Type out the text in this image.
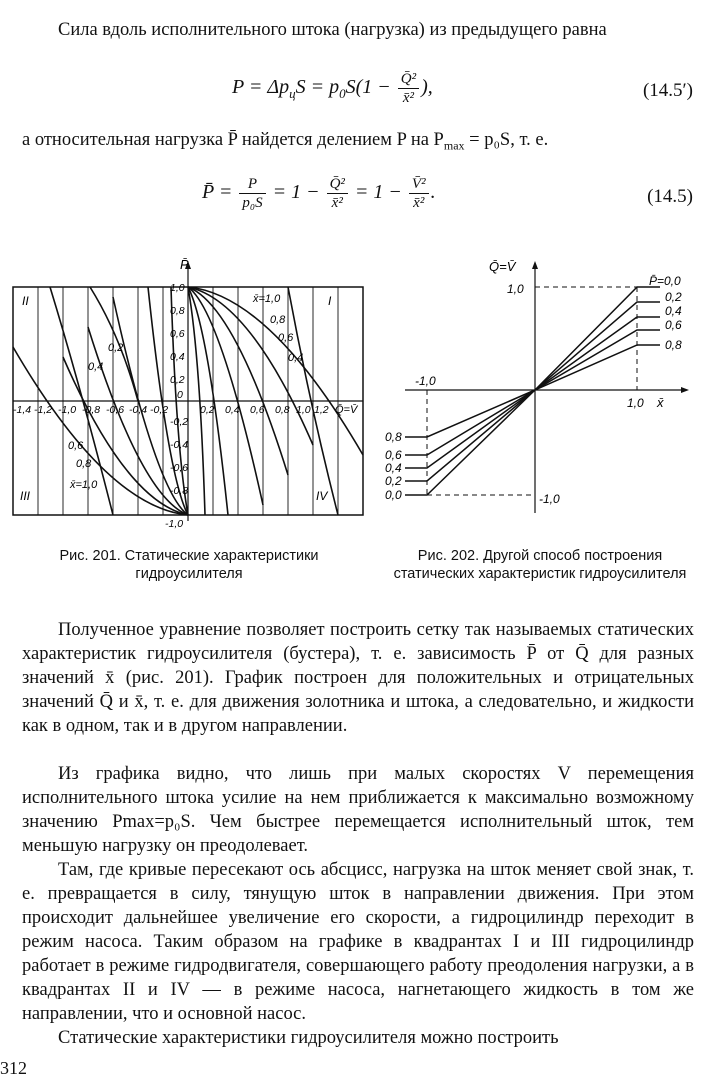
Сила вдоль исполнительного штока (нагрузка) из предыдущего равна
$P = \Delta p_цS = p_0S(1 - \frac{\text{Q̄²}}{\text{x̄²}}$ ),	(14.5′)
а относительная нагрузка P̄ найдется делением P на $P_{max} = p_0S$, т. е.
P̄ = $\frac{P}{\text{p₀S}} = 1 - \frac{\text{Q̄²}}{\text{x̄²}} = 1 - \frac{\text{V̄²}}{\text{x̄²}}$ .	(14.5)
II	I
III	IV
P̄
Q̄=V̄
1,0
0,8
0,6
0,4
0,2
0
-0,2
-0,4
-0,6
-0,8
-1,0
0,2 0,4 0,6 0,8 1,0 1,2
-1,4 -1,2 -1,0 -0,8 -0,6 -0,4 -0,2
x̄=1,0
0,8
0,6
0,4
0,2
0,4
0,6
0,8
x̄=1,0
Рис. 201. Статические характеристики гидроусилителя
Q̄=V̄
x̄
1,0
-1,0
-1,0
1,0
P̄=0,0
0,2
0,4
0,6
0,8
0,8
0,6
0,4
0,2
0,0
Рис. 202. Другой способ построения статических характеристик гидроусилителя
Полученное уравнение позволяет построить сетку так называемых статических характеристик гидроусилителя (бустера), т. е. зависимость P̄ от Q̄ для разных значений x̄ (рис. 201). График построен для положительных и отрицательных значений Q̄ и x̄, т. е. для движения золотника и штока, а следовательно, и жидкости как в одном, так и в другом направлении.
Из графика видно, что лишь при малых скоростях V перемещения исполнительного штока усилие на нем приближается к максимально возможному значению Pmax=p₀S. Чем быстрее перемещается исполнительный шток, тем меньшую нагрузку он преодолевает.
Там, где кривые пересекают ось абсцисс, нагрузка на шток меняет свой знак, т. е. превращается в силу, тянущую шток в направлении движения. При этом происходит дальнейшее увеличение его скорости, а гидроцилиндр переходит в режим насоса. Таким образом на графике в квадрантах I и III гидроцилиндр работает в режиме гидродвигателя, совершающего работу преодоления нагрузки, а в квадрантах II и IV — в режиме насоса, нагнетающего жидкость в том же направлении, что и основной насос.
Статические характеристики гидроусилителя можно построить
312
